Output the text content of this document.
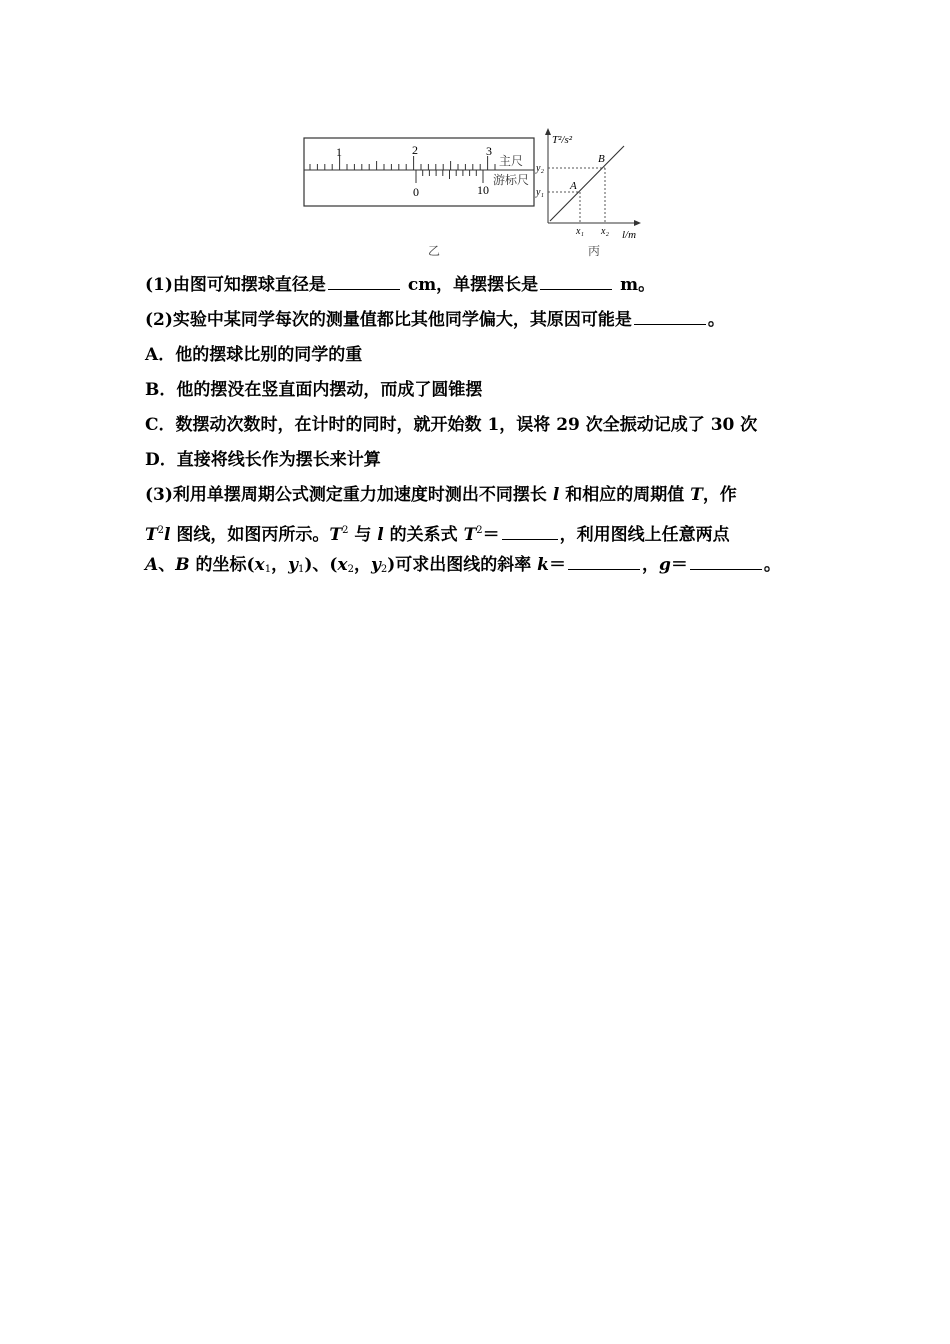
1	2	3
0	10
主尺
游标尺
T²/s²
l/m
A
B
y₁
y₂
x₁ x₂
乙	丙
(1)由图可知摆球直径是	cm，单摆摆长是	m。
(2)实验中某同学每次的测量值都比其他同学偏大，其原因可能是	。
A．他的摆球比别的同学的重
B．他的摆没在竖直面内摆动，而成了圆锥摆
C．数摆动次数时，在计时的同时，就开始数 1，误将 29 次全振动记成了 30 次
D．直接将线长作为摆长来计算
(3)利用单摆周期公式测定重力加速度时测出不同摆长 l 和相应的周期值 T，作
$T^2l$ 图线，如图丙所示。$T^2$ 与 l 的关系式 $T^2=$	，利用图线上任意两点
A、B 的坐标($x_1$，$y_1$)、($x_2$，$y_2$)可求出图线的斜率 k＝	，g＝	。
